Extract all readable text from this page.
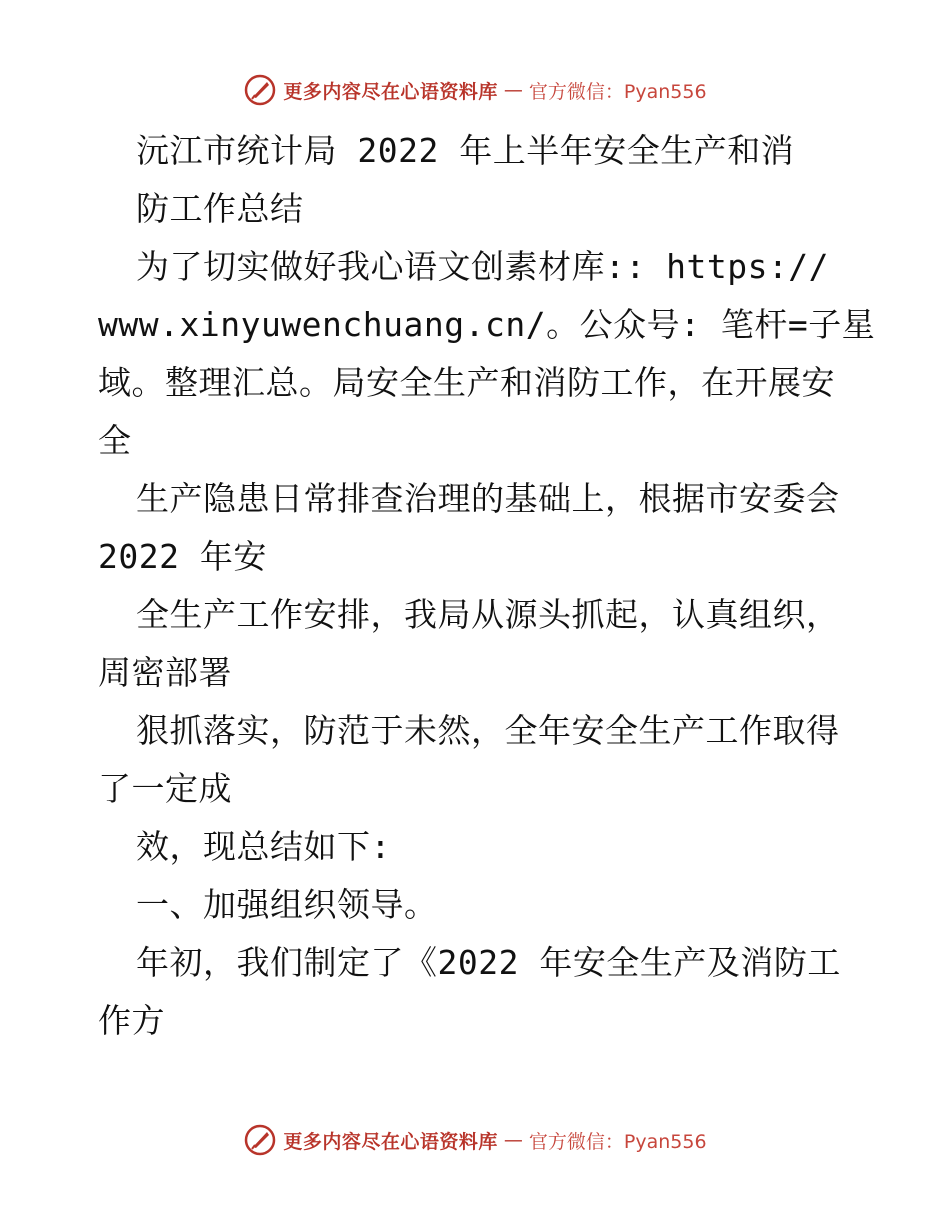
更多内容尽在心语资料库 — 官方微信：Pyan556
沅江市统计局 2022 年上半年安全生产和消
防工作总结
为了切实做好我心语文创素材库:: https://
www.xinyuwenchuang.cn/。公众号: 笔杆=子星
域。整理汇总。局安全生产和消防工作，在开展安
全
生产隐患日常排查治理的基础上，根据市安委会
2022 年安
全生产工作安排，我局从源头抓起，认真组织，
周密部署
狠抓落实，防范于未然，全年安全生产工作取得
了一定成
效，现总结如下:
一、加强组织领导。
年初，我们制定了《2022 年安全生产及消防工
作方
更多内容尽在心语资料库 — 官方微信：Pyan556
